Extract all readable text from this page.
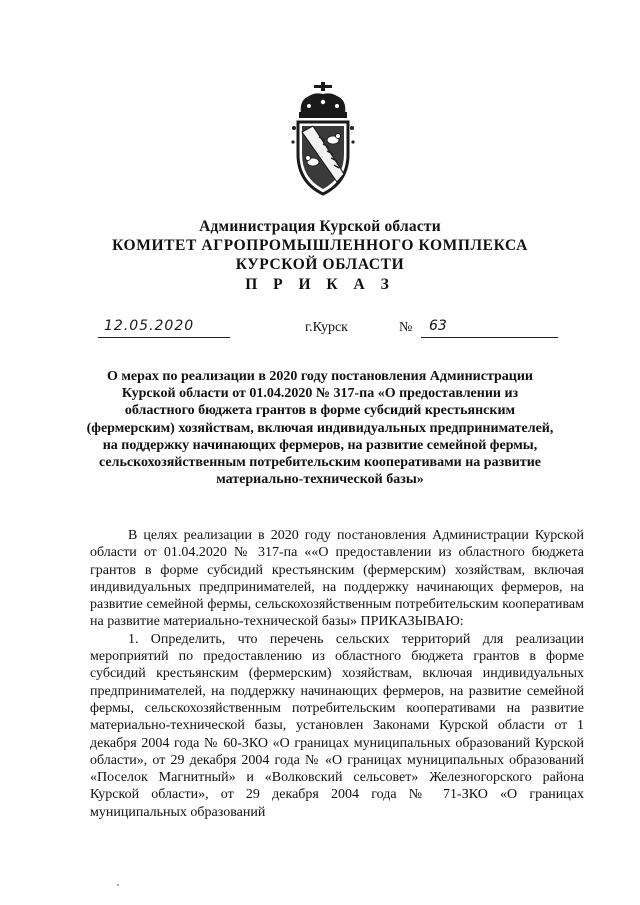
Администрация Курской области
КОМИТЕТ АГРОПРОМЫШЛЕННОГО КОМПЛЕКСА
КУРСКОЙ ОБЛАСТИ
П Р И К А З
12.05.2020	г.Курск	№	63
О мерах по реализации в 2020 году постановления Администрации Курской области от 01.04.2020 № 317-па «О предоставлении из областного бюджета грантов в форме субсидий крестьянским (фермерским) хозяйствам, включая индивидуальных предпринимателей, на поддержку начинающих фермеров, на развитие семейной фермы, сельскохозяйственным потребительским кооперативами на развитие материально-технической базы»

В целях реализации в 2020 году постановления Администрации Курской области от 01.04.2020 № 317-па ««О предоставлении из областного бюджета грантов в форме субсидий крестьянским (фермерским) хозяйствам, включая индивидуальных предпринимателей, на поддержку начинающих фермеров, на развитие семейной фермы, сельскохозяйственным потребительским кооперативам на развитие материально-технической базы» ПРИКАЗЫВАЮ:

1. Определить, что перечень сельских территорий для реализации мероприятий по предоставлению из областного бюджета грантов в форме субсидий крестьянским (фермерским) хозяйствам, включая индивидуальных предпринимателей, на поддержку начинающих фермеров, на развитие семейной фермы, сельскохозяйственным потребительским кооперативами на развитие материально-технической базы, установлен Законами Курской области от 1 декабря 2004 года № 60-ЗКО «О границах муниципальных образований Курской области», от 29 декабря 2004 года № «О границах муниципальных образований «Поселок Магнитный» и «Волковский сельсовет» Железногорского района Курской области», от 29 декабря 2004 года № 71-ЗКО «О границах муниципальных образований
